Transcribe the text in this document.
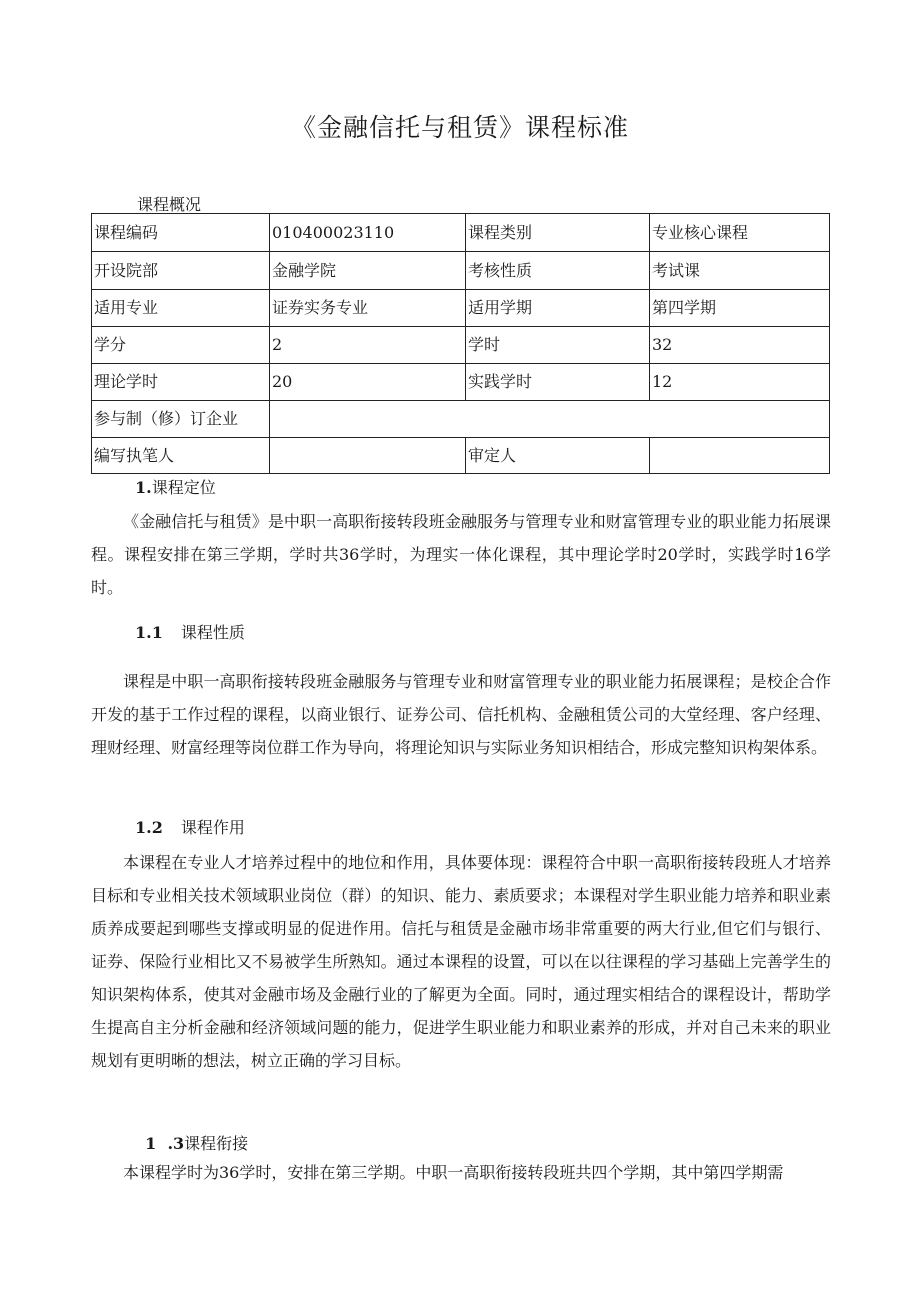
《金融信托与租赁》课程标准
课程概况
课程编码	010400023110	课程类别	专业核心课程
开设院部	金融学院	考核性质	考试课
适用专业	证券实务专业	适用学期	第四学期
学分	2	学时	32
理论学时	20	实践学时	12
参与制（修）订企业			
编写执笔人		审定人	
1.课程定位

《金融信托与租赁》是中职一高职衔接转段班金融服务与管理专业和财富管理专业的职业能力拓展课程。课程安排在第三学期，学时共36学时，为理实一体化课程，其中理论学时20学时，实践学时16学时。

1.1 课程性质

课程是中职一高职衔接转段班金融服务与管理专业和财富管理专业的职业能力拓展课程；是校企合作开发的基于工作过程的课程，以商业银行、证券公司、信托机构、金融租赁公司的大堂经理、客户经理、理财经理、财富经理等岗位群工作为导向，将理论知识与实际业务知识相结合，形成完整知识构架体系。

1.2 课程作用

本课程在专业人才培养过程中的地位和作用，具体要体现：课程符合中职一高职衔接转段班人才培养目标和专业相关技术领域职业岗位（群）的知识、能力、素质要求；本课程对学生职业能力培养和职业素质养成要起到哪些支撑或明显的促进作用。信托与租赁是金融市场非常重要的两大行业,但它们与银行、证券、保险行业相比又不易被学生所熟知。通过本课程的设置，可以在以往课程的学习基础上完善学生的知识架构体系，使其对金融市场及金融行业的了解更为全面。同时，通过理实相结合的课程设计，帮助学生提高自主分析金融和经济领域问题的能力，促进学生职业能力和职业素养的形成，并对自己未来的职业规划有更明晰的想法，树立正确的学习目标。

1  .3课程衔接

本课程学时为36学时，安排在第三学期。中职一高职衔接转段班共四个学期，其中第四学期需
